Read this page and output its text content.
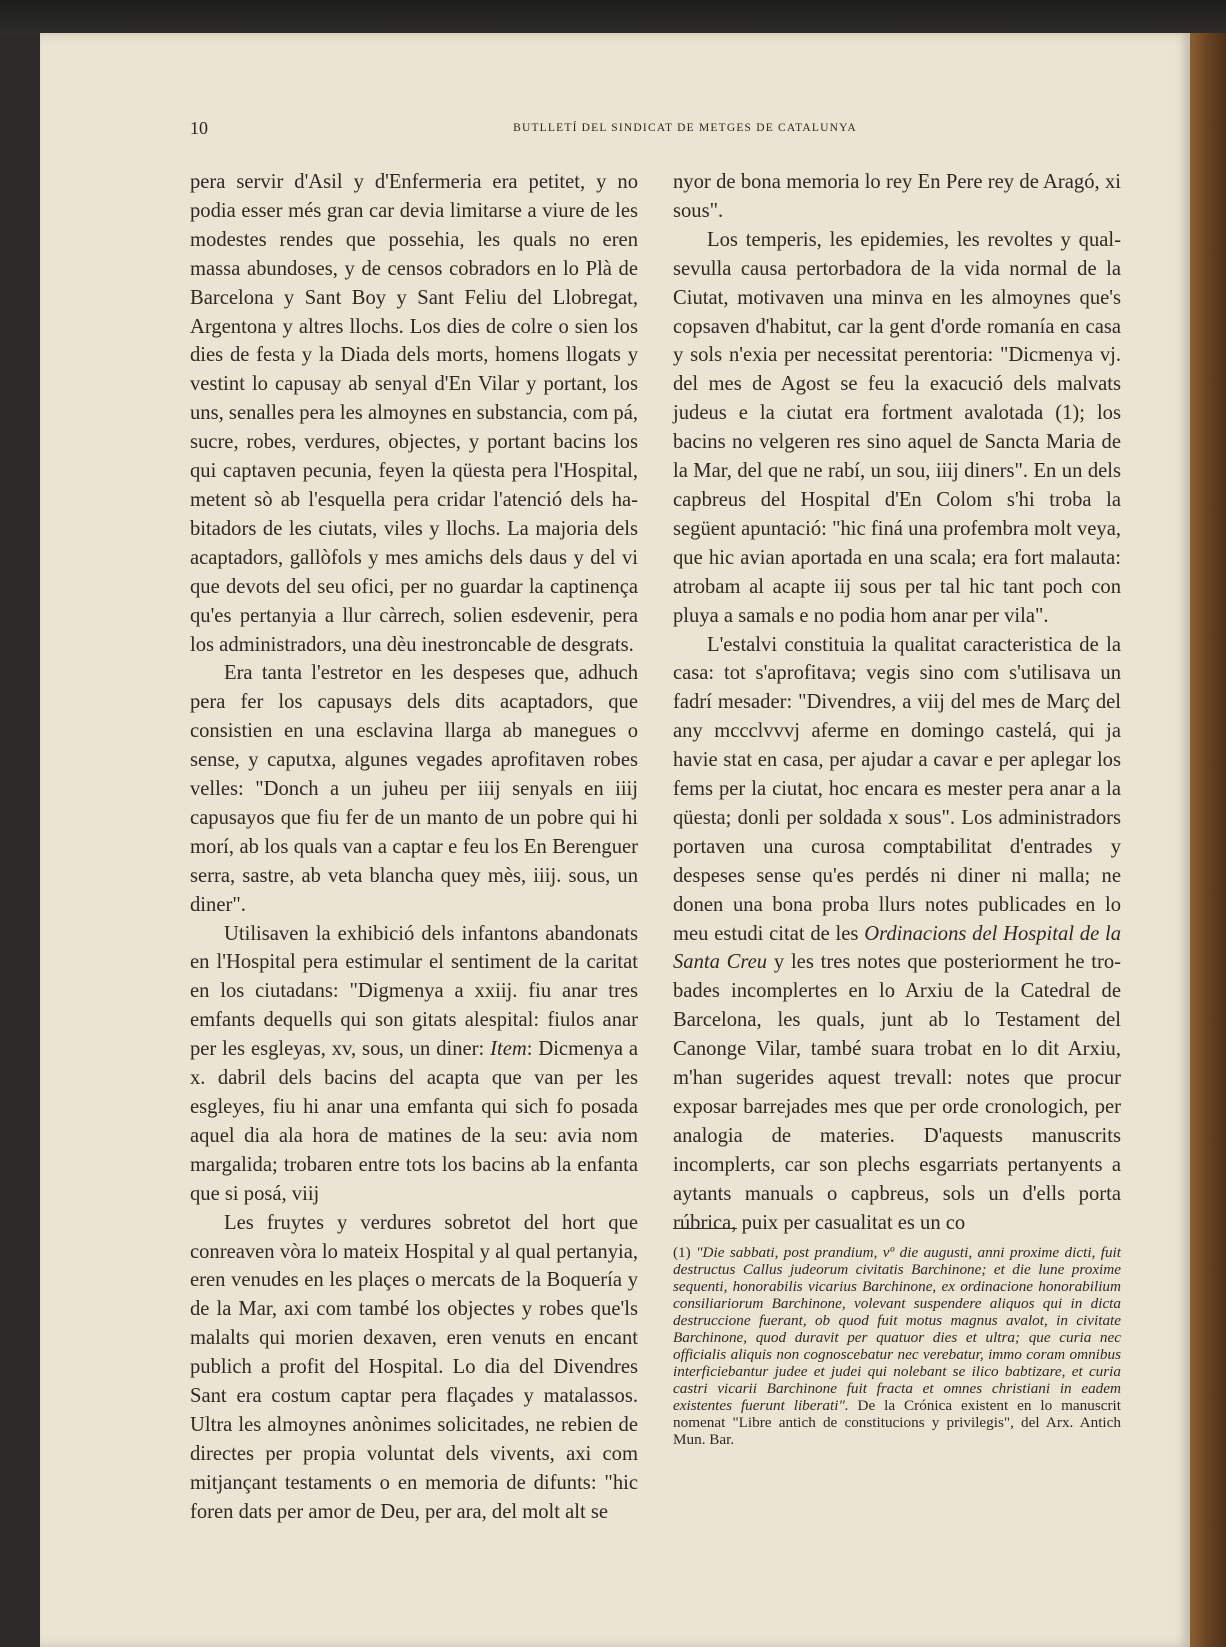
10	BUTLLETÍ DEL SINDICAT DE METGES DE CATALUNYA

pera servir d'Asil y d'Enfermeria era petitet, y no podia esser més gran car devia limitarse a viure de les modestes rendes que possehia, les quals no eren massa abundoses, y de censos cobradors en lo Plà de Barcelona y Sant Boy y Sant Feliu del Llobregat, Argentona y altres llochs. Los dies de colre o sien los dies de festa y la Diada dels morts, homens llogats y vestint lo capusay ab senyal d'En Vilar y portant, los uns, senalles pera les almoynes en substancia, com pá, sucre, robes, verdures, objectes, y portant bacins los qui captaven pecunia, feyen la qüesta pera l'Hospital, metent sò ab l'esquella pera cridar l'atenció dels habitadors de les ciutats, viles y llochs. La majoria dels acaptadors, gallòfols y mes amichs dels daus y del vi que devots del seu ofici, per no guardar la captinença qu'es pertanyia a llur càrrech, solien esdevenir, pera los administradors, una dèu inestroncable de desgrats.

Era tanta l'estretor en les despeses que, adhuch pera fer los capusays dels dits acaptadors, que consistien en una esclavina llarga ab manegues o sense, y caputxa, algunes vegades aprofitaven robes velles: "Donch a un juheu per iiij senyals en iiij capusayos que fiu fer de un manto de un pobre qui hi morí, ab los quals van a captar e feu los En Berenguer serra, sastre, ab veta blancha quey mès, iiij. sous, un diner".

Utilisaven la exhibició dels infantons abandonats en l'Hospital pera estimular el sentiment de la caritat en los ciutadans: "Digmenya a xxiij. fiu anar tres emfants dequells qui son gitats alespital: fiulos anar per les esgleyas, xv, sous, un diner: Item: Dicmenya a x. dabril dels bacins del acapta que van per les esgleyes, fiu hi anar una emfanta qui sich fo posada aquel dia ala hora de matines de la seu: avia nom margalida; trobaren entre tots los bacins ab la enfanta que si posá, viij

Les fruytes y verdures sobretot del hort que conreaven vòra lo mateix Hospital y al qual pertanyia, eren venudes en les plaçes o mercats de la Boquería y de la Mar, axi com també los objectes y robes que'ls malalts qui morien dexaven, eren venuts en encant publich a profit del Hospital. Lo dia del Divendres Sant era costum captar pera flaçades y matalassos. Ultra les almoynes anònimes solicitades, ne rebien de directes per propia voluntat dels vivents, axi com mitjançant testaments o en memoria de difunts: "hic foren dats per amor de Deu, per ara, del molt alt se

nyor de bona memoria lo rey En Pere rey de Aragó, xi sous".

Los temperis, les epidemies, les revoltes y qualsevulla causa pertorbadora de la vida normal de la Ciutat, motivaven una minva en les almoynes que's copsaven d'habitut, car la gent d'orde romanía en casa y sols n'exia per necessitat perentoria: "Dicmenya vj. del mes de Agost se feu la exacució dels malvats judeus e la ciutat era fortment avalotada (1); los bacins no velgeren res sino aquel de Sancta Maria de la Mar, del que ne rabí, un sou, iiij diners". En un dels capbreus del Hospital d'En Colom s'hi troba la següent apuntació: "hic finá una profembra molt veya, que hic avian aportada en una scala; era fort malauta: atrobam al acapte iij sous per tal hic tant poch con pluya a samals e no podia hom anar per vila".

L'estalvi constituia la qualitat caracteristica de la casa: tot s'aprofitava; vegis sino com s'utilisava un fadrí mesader: "Divendres, a viij del mes de Març del any mccclvvvj aferme en domingo castelá, qui ja havie stat en casa, per ajudar a cavar e per aplegar los fems per la ciutat, hoc encara es mester pera anar a la qüesta; donli per soldada x sous". Los administradors portaven una curosa comptabilitat d'entrades y despeses sense qu'es perdés ni diner ni malla; ne donen una bona proba llurs notes publicades en lo meu estudi citat de les Ordinacions del Hospital de la Santa Creu y les tres notes que posteriorment he trobades incomplertes en lo Arxiu de la Catedral de Barcelona, les quals, junt ab lo Testament del Canonge Vilar, també suara trobat en lo dit Arxiu, m'han sugerides aquest trevall: notes que procur exposar barrejades mes que per orde cronologich, per analogia de materies. D'aquests manuscrits incomplerts, car son plechs esgarriats pertanyents a aytants manuals o capbreus, sols un d'ells porta rúbrica, puix per casualitat es un co

(1) "Die sabbati, post prandium, vº die augusti, anni proxime dicti, fuit destructus Callus judeorum civitatis Barchinone; et die lune proxime sequenti, honorabilis vicarius Barchinone, ex ordinacione honorabilium consiliariorum Barchinone, volevant suspendere aliquos qui in dicta destruccione fuerant, ob quod fuit motus magnus avalot, in civitate Barchinone, quod duravit per quatuor dies et ultra; que curia nec officialis aliquis non cognoscebatur nec verebatur, immo coram omnibus interficiebantur judee et judei qui nolebant se ilico babtizare, et curia castri vicarii Barchinone fuit fracta et omnes christiani in eadem existentes fuerunt liberati". De la Crónica existent en lo manuscrit nomenat "Libre antich de constitucions y privilegis", del Arx. Antich Mun. Bar.
